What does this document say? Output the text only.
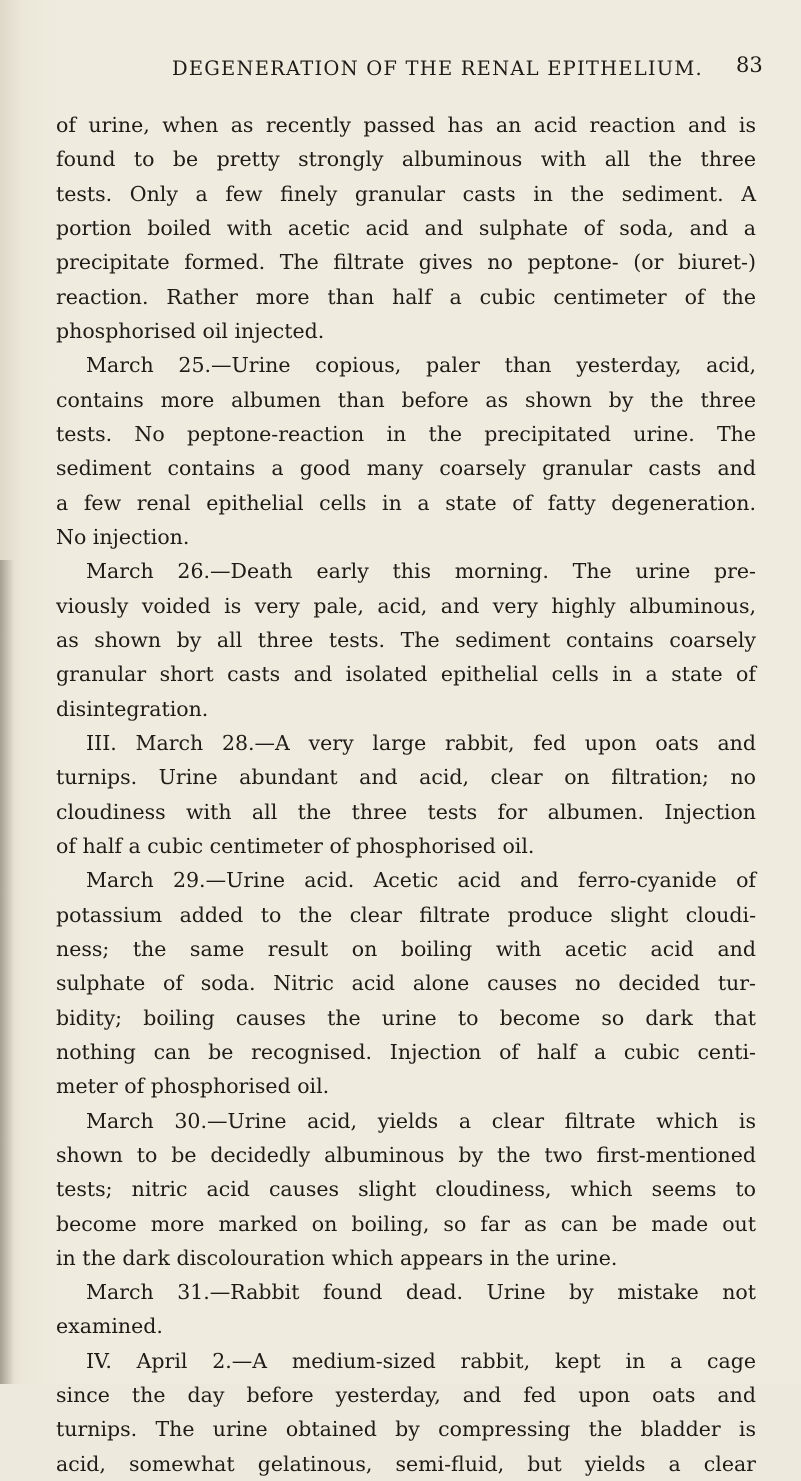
DEGENERATION OF THE RENAL EPITHELIUM. 83
of urine, when as recently passed has an acid reaction and is
found to be pretty strongly albuminous with all the three
tests. Only a few finely granular casts in the sediment. A
portion boiled with acetic acid and sulphate of soda, and a
precipitate formed. The filtrate gives no peptone- (or biuret-)
reaction. Rather more than half a cubic centimeter of the
phosphorised oil injected.
March 25.—Urine copious, paler than yesterday, acid,
contains more albumen than before as shown by the three
tests. No peptone-reaction in the precipitated urine. The
sediment contains a good many coarsely granular casts and
a few renal epithelial cells in a state of fatty degeneration.
No injection.
March 26.—Death early this morning. The urine pre-
viously voided is very pale, acid, and very highly albuminous,
as shown by all three tests. The sediment contains coarsely
granular short casts and isolated epithelial cells in a state of
disintegration.
III. March 28.—A very large rabbit, fed upon oats and
turnips. Urine abundant and acid, clear on filtration; no
cloudiness with all the three tests for albumen. Injection
of half a cubic centimeter of phosphorised oil.
March 29.—Urine acid. Acetic acid and ferro-cyanide of
potassium added to the clear filtrate produce slight cloudi-
ness; the same result on boiling with acetic acid and
sulphate of soda. Nitric acid alone causes no decided tur-
bidity; boiling causes the urine to become so dark that
nothing can be recognised. Injection of half a cubic centi-
meter of phosphorised oil.
March 30.—Urine acid, yields a clear filtrate which is
shown to be decidedly albuminous by the two first-mentioned
tests; nitric acid causes slight cloudiness, which seems to
become more marked on boiling, so far as can be made out
in the dark discolouration which appears in the urine.
March 31.—Rabbit found dead. Urine by mistake not
examined.
IV. April 2.—A medium-sized rabbit, kept in a cage
since the day before yesterday, and fed upon oats and
turnips. The urine obtained by compressing the bladder is
acid, somewhat gelatinous, semi-fluid, but yields a clear
